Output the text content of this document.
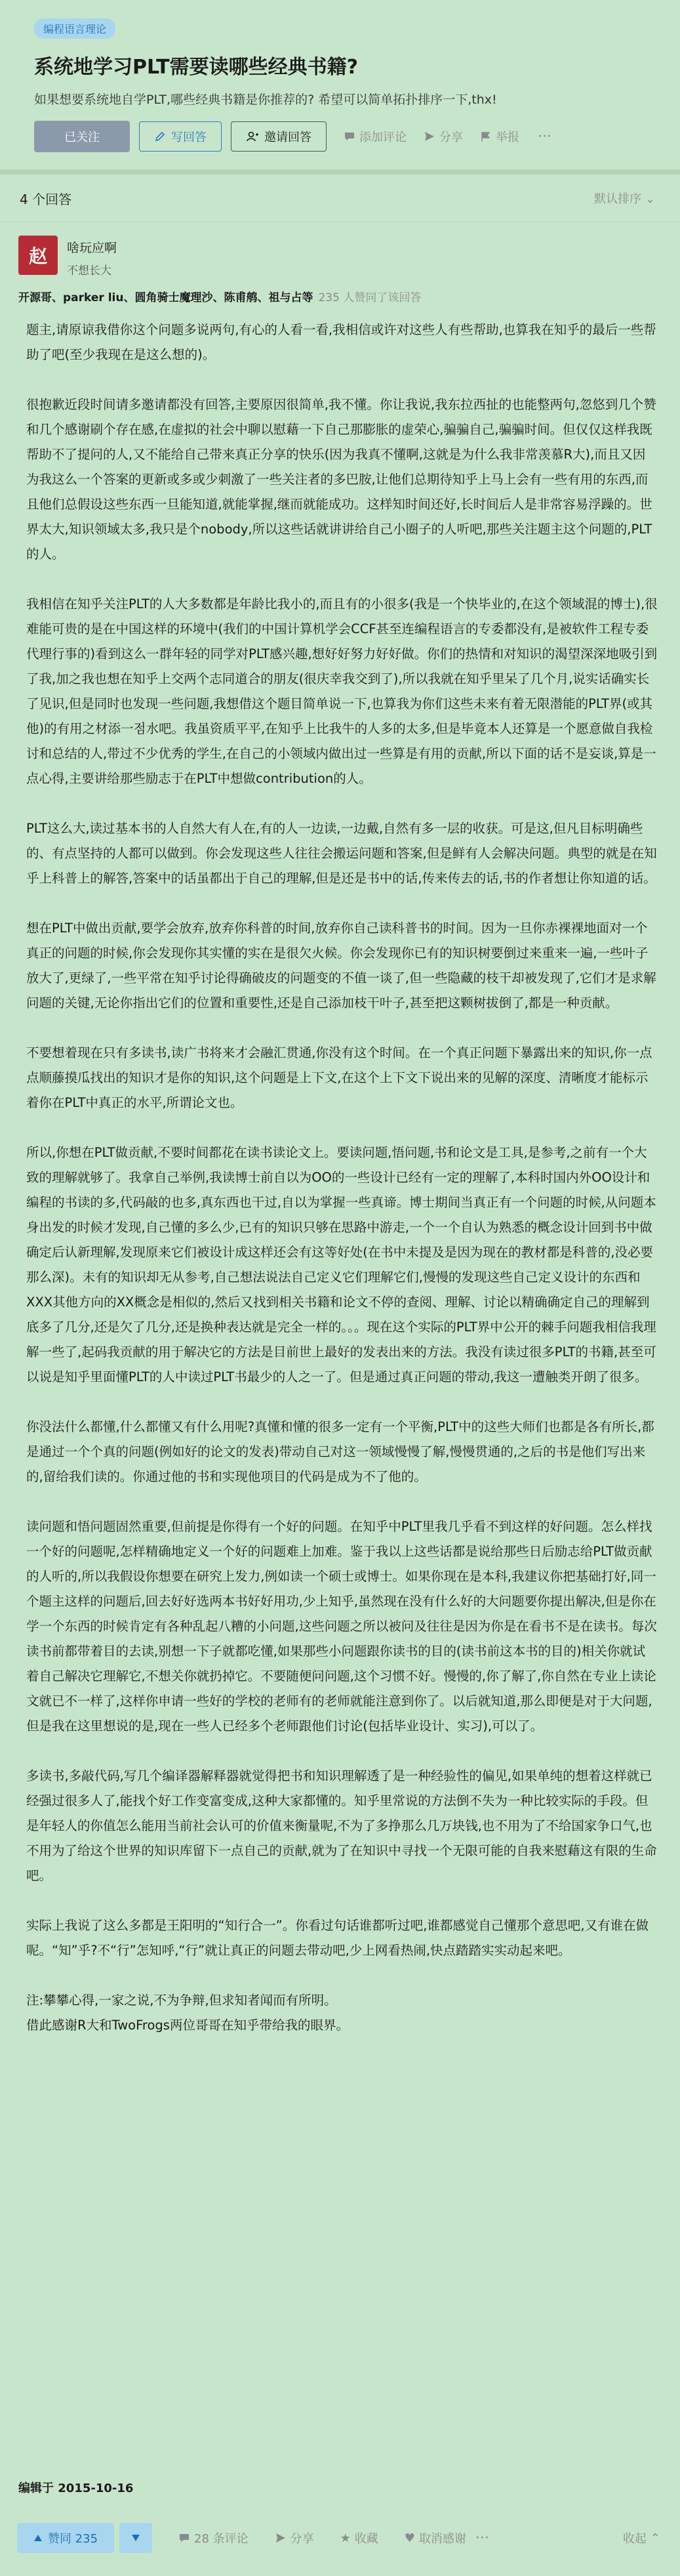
编程语言理论
系统地学习PLT需要读哪些经典书籍?
如果想要系统地自学PLT,哪些经典书籍是你推荐的? 希望可以简单拓扑排序一下,thx!
已关注	写回答	邀请回答	添加评论	分享	举报 ···
4 个回答	默认排序 ⌄
赵	啥玩应啊
不想长大
开源哥、parker liu、圆角骑士魔理沙、陈甫鸼、祖与占等 235 人赞同了该回答

题主,请原谅我借你这个问题多说两句,有心的人看一看,我相信或许对这些人有些帮助,也算我在知乎的最后一些帮助了吧(至少我现在是这么想的)。

很抱歉近段时间请多邀请都没有回答,主要原因很简单,我不懂。你让我说,我东拉西扯的也能整两句,忽悠到几个赞和几个感谢刷个存在感,在虚拟的社会中聊以慰藉一下自己那膨胀的虚荣心,骗骗自己,骗骗时间。但仅仅这样我既帮助不了提问的人,又不能给自己带来真正分享的快乐(因为我真不懂啊,这就是为什么我非常羡慕R大),而且又因为我这么一个答案的更新或多或少刺激了一些关注者的多巴胺,让他们总期待知乎上马上会有一些有用的东西,而且他们总假设这些东西一旦能知道,就能掌握,继而就能成功。这样知时间还好,长时间后人是非常容易浮躁的。世界太大,知识领域太多,我只是个nobody,所以这些话就讲讲给自己小圈子的人听吧,那些关注题主这个问题的,PLT的人。

我相信在知乎关注PLT的人大多数都是年龄比我小的,而且有的小很多(我是一个快毕业的,在这个领域混的博士),很难能可贵的是在中国这样的环境中(我们的中国计算机学会CCF甚至连编程语言的专委都没有,是被软件工程专委代理行事的)看到这么一群年轻的同学对PLT感兴趣,想好好努力好好做。你们的热情和对知识的渴望深深地吸引到了我,加之我也想在知乎上交两个志同道合的朋友(很庆幸我交到了),所以我就在知乎里呆了几个月,说实话确实长了见识,但是同时也发现一些问题,我想借这个题目简单说一下,也算我为你们这些未来有着无限潜能的PLT界(或其他)的有用之材添一점水吧。我虽资质平平,在知乎上比我牛的人多的太多,但是毕竟本人还算是一个愿意做自我检讨和总结的人,带过不少优秀的学生,在自己的小领域内做出过一些算是有用的贡献,所以下面的话不是妄谈,算是一点心得,主要讲给那些励志于在PLT中想做contribution的人。

PLT这么大,读过基本书的人自然大有人在,有的人一边读,一边戴,自然有多一层的收获。可是这,但凡目标明确些的、有点坚持的人都可以做到。你会发现这些人往往会搬运问题和答案,但是鲜有人会解决问题。典型的就是在知乎上科普上的解答,答案中的话虽都出于自己的理解,但是还是书中的话,传来传去的话,书的作者想让你知道的话。

想在PLT中做出贡献,要学会放弃,放弃你科普的时间,放弃你自己读科普书的时间。因为一旦你赤裸裸地面对一个真正的问题的时候,你会发现你其实懂的实在是很欠火候。你会发现你已有的知识树要倒过来重来一遍,一些叶子放大了,更绿了,一些平常在知乎讨论得确破皮的问题变的不值一谈了,但一些隐藏的枝干却被发现了,它们才是求解问题的关键,无论你指出它们的位置和重要性,还是自己添加枝干叶子,甚至把这颗树拔倒了,都是一种贡献。

不要想着现在只有多读书,读广书将来才会融汇贯通,你没有这个时间。在一个真正问题下暴露出来的知识,你一点点顺藤摸瓜找出的知识才是你的知识,这个问题是上下文,在这个上下文下说出来的见解的深度、清晰度才能标示着你在PLT中真正的水平,所谓论文也。

所以,你想在PLT做贡献,不要时间都花在读书读论文上。要读问题,悟问题,书和论文是工具,是参考,之前有一个大致的理解就够了。我拿自己举例,我读博士前自以为OO的一些设计已经有一定的理解了,本科时国内外OO设计和编程的书读的多,代码敲的也多,真东西也干过,自以为掌握一些真谛。博士期间当真正有一个问题的时候,从问题本身出发的时候才发现,自己懂的多么少,已有的知识只够在思路中游走,一个一个自认为熟悉的概念设计回到书中做确定后认新理解,发现原来它们被设计成这样还会有这等好处(在书中未提及是因为现在的教材都是科普的,没必要那么深)。未有的知识却无从参考,自己想法说法自己定义它们理解它们,慢慢的发现这些自己定义设计的东西和XXX其他方向的XX概念是相似的,然后又找到相关书籍和论文不停的查阅、理解、讨论以精确确定自己的理解到底多了几分,还是欠了几分,还是换种表达就是完全一样的。。。现在这个实际的PLT界中公开的棘手问题我相信我理解一些了,起码我贡献的用于解决它的方法是目前世上最好的发表出来的方法。我没有读过很多PLT的书籍,甚至可以说是知乎里面懂PLT的人中读过PLT书最少的人之一了。但是通过真正问题的带动,我这一遭触类开朗了很多。

你没法什么都懂,什么都懂又有什么用呢?真懂和懂的很多一定有一个平衡,PLT中的这些大师们也都是各有所长,都是通过一个个真的问题(例如好的论文的发表)带动自己对这一领域慢慢了解,慢慢贯通的,之后的书是他们写出来的,留给我们读的。你通过他的书和实现他项目的代码是成为不了他的。

读问题和悟问题固然重要,但前提是你得有一个好的问题。在知乎中PLT里我几乎看不到这样的好问题。怎么样找一个好的问题呢,怎样精确地定义一个好的问题难上加难。鉴于我以上这些话都是说给那些日后励志给PLT做贡献的人听的,所以我假设你想要在研究上发力,例如读一个硕士或博士。如果你现在是本科,我建议你把基础打好,同一个题主这样的问题后,回去好好选两本书好好用功,少上知乎,虽然现在没有什么好的大问题要你提出解决,但是你在学一个东西的时候肯定有各种乱起八糟的小问题,这些问题之所以被问及往往是因为你是在看书不是在读书。每次读书前都带着目的去读,别想一下子就都吃懂,如果那些小问题跟你读书的目的(读书前这本书的目的)相关你就试着自己解决它理解它,不想关你就扔掉它。不要随便问问题,这个习惯不好。慢慢的,你了解了,你自然在专业上读论文就已不一样了,这样你申请一些好的学校的老师有的老师就能注意到你了。以后就知道,那么即便是对于大问题,但是我在这里想说的是,现在一些人已经多个老师跟他们讨论(包括毕业设计、实习),可以了。

多读书,多敲代码,写几个编译器解释器就觉得把书和知识理解透了是一种经验性的偏见,如果单纯的想着这样就已经强过很多人了,能找个好工作变富变成,这种大家都懂的。知乎里常说的方法倒不失为一种比较实际的手段。但是年轻人的你值怎么能用当前社会认可的价值来衡量呢,不为了多挣那么几万块钱,也不用为了不给国家争口气,也不用为了给这个世界的知识库留下一点自己的贡献,就为了在知识中寻找一个无限可能的自我来慰藉这有限的生命吧。

实际上我说了这么多都是王阳明的“知行合一”。你看过句话谁都听过吧,谁都感觉自己懂那个意思吧,又有谁在做呢。“知”乎?不“行”怎知呼,“行”就让真正的问题去带动吧,少上网看热闹,快点踏踏实实动起来吧。

注:攀攀心得,一家之说,不为争辩,但求知者闻而有所明。
借此感谢R大和TwoFrogs两位哥哥在知乎带给我的眼界。

编辑于 2015-10-16
赞同 235	28 条评论	分享 ★ 收藏 ♥ 取消感谢 ···	收起 ⌃
